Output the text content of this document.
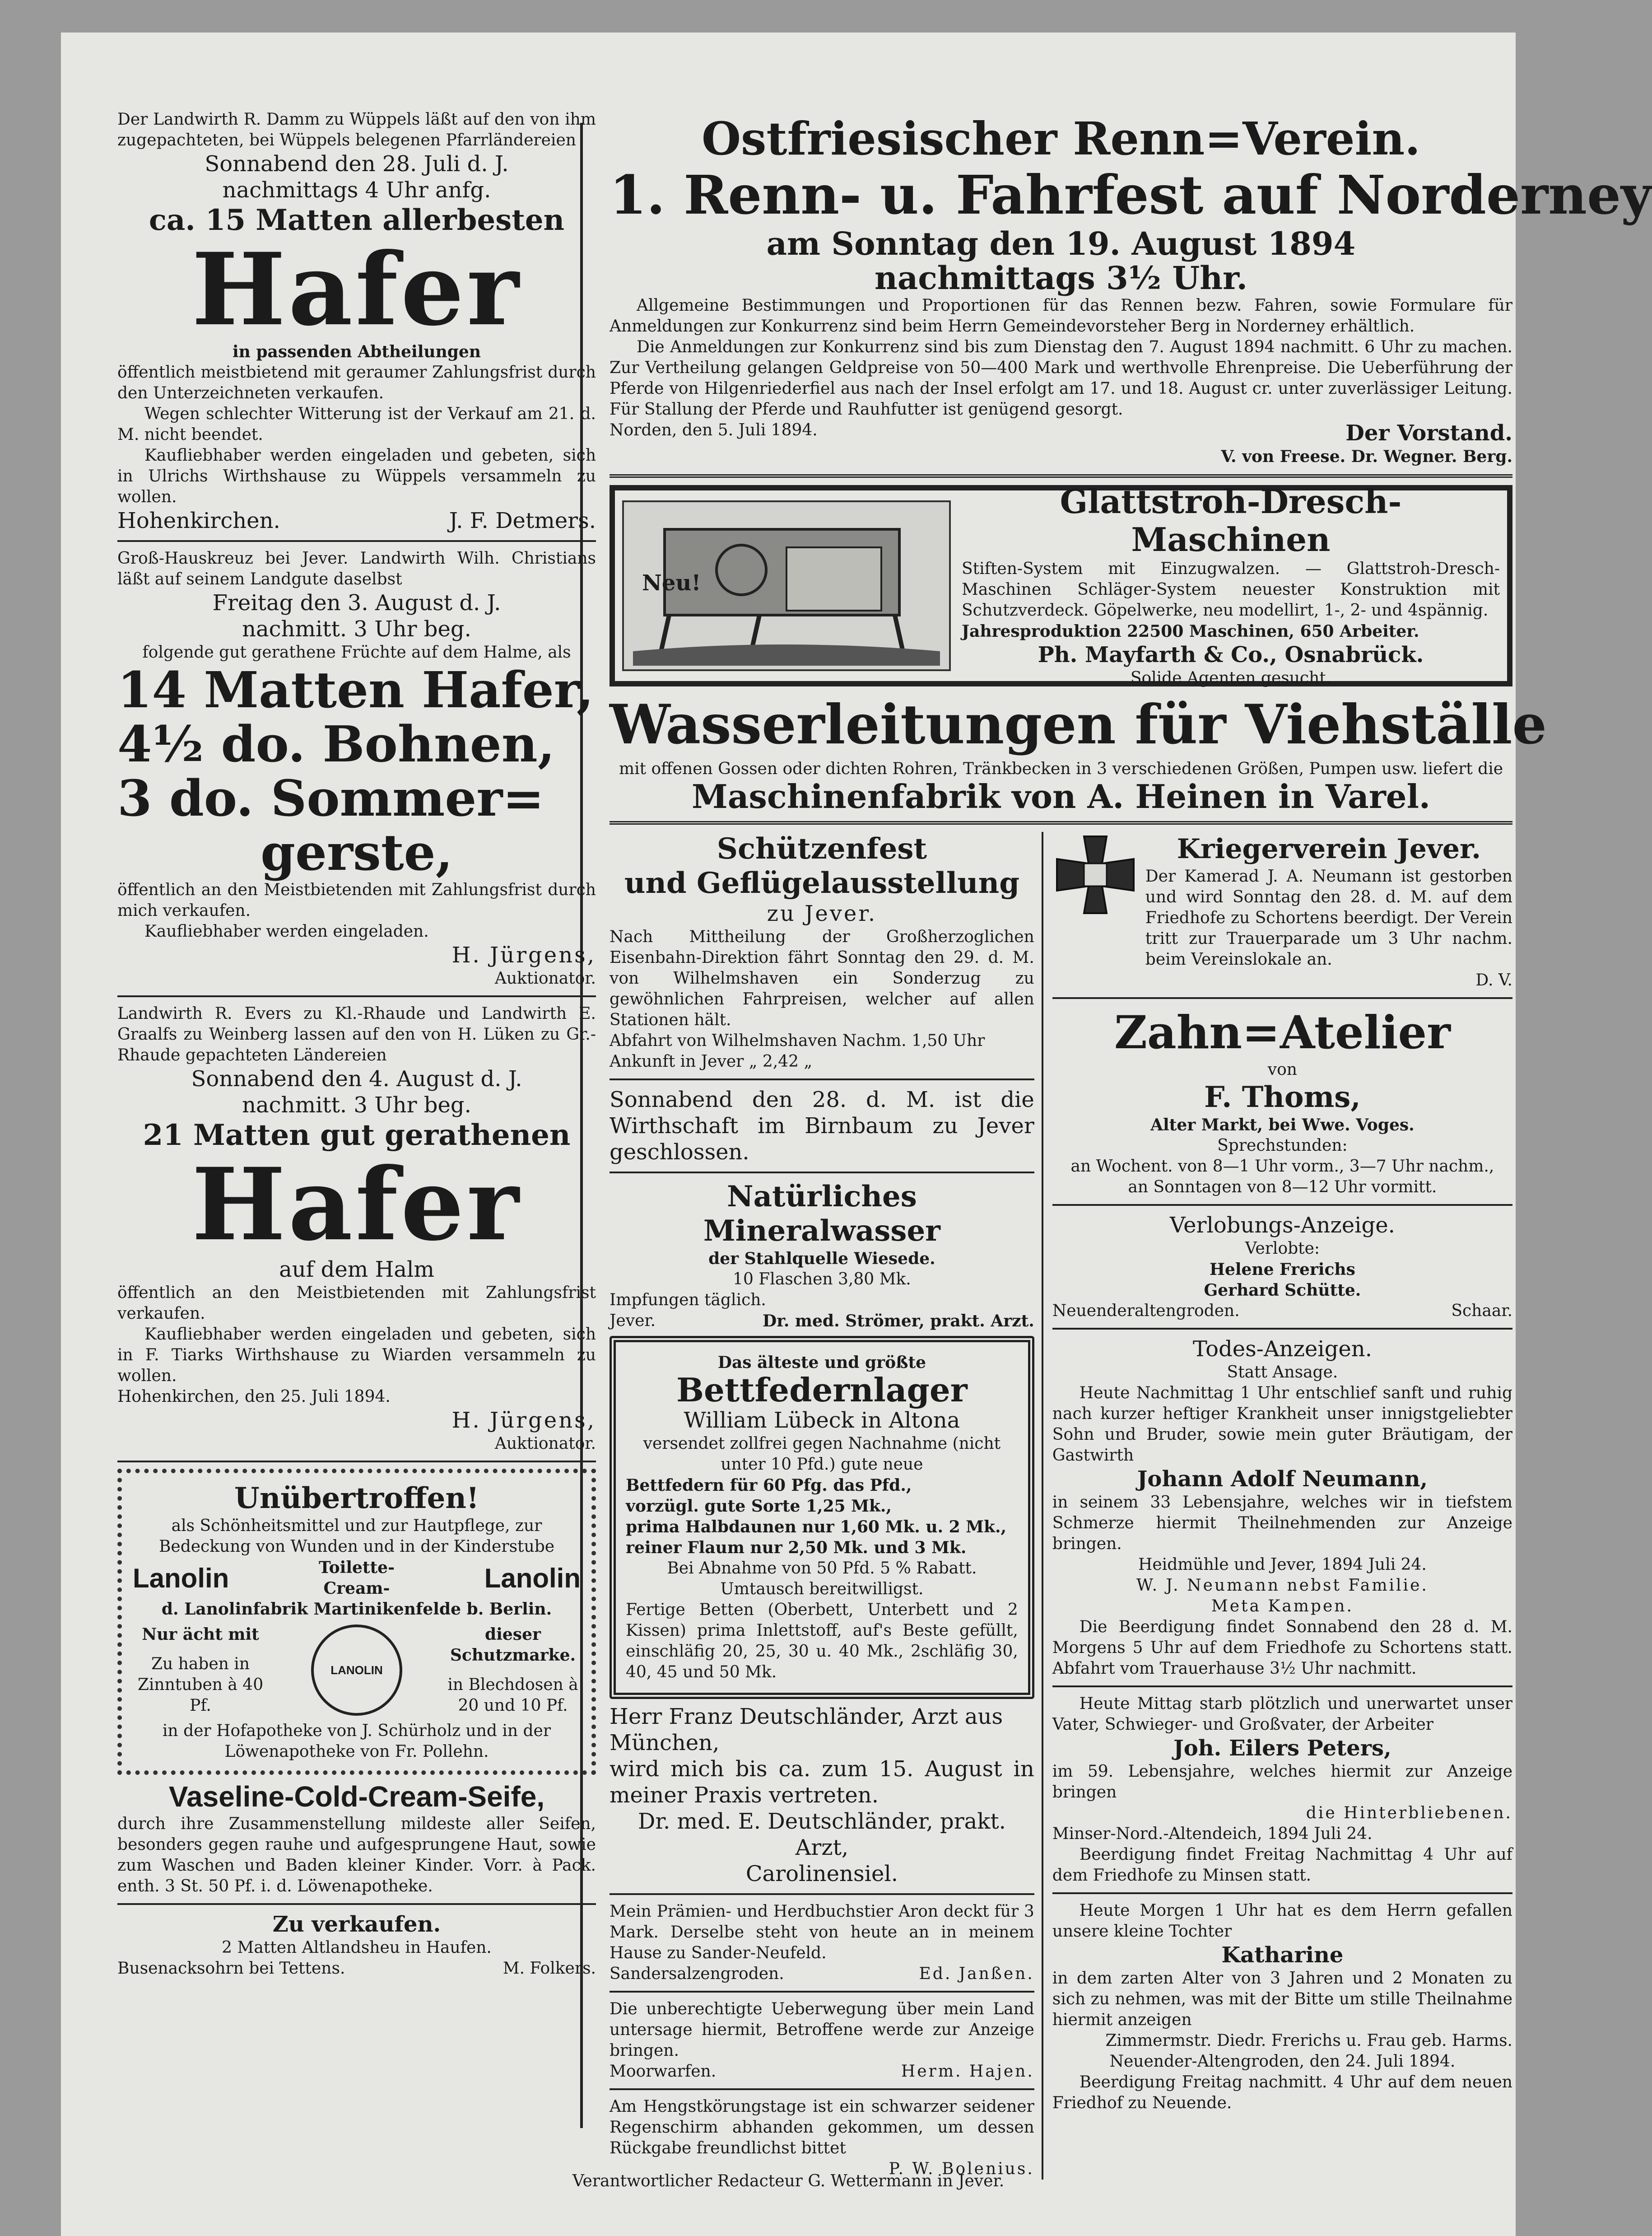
Der Landwirth R. Damm zu Wüppels läßt auf den von ihm zugepachteten, bei Wüppels belegenen Pfarrländereien

Sonnabend den 28. Juli d. J.

nachmittags 4 Uhr anfg.

ca. 15 Matten allerbesten

Hafer

in passenden Abtheilungen

öffentlich meistbietend mit geraumer Zahlungsfrist durch den Unterzeichneten verkaufen.

Wegen schlechter Witterung ist der Verkauf am 21. d. M. nicht beendet.

Kaufliebhaber werden eingeladen und gebeten, sich in Ulrichs Wirthshause zu Wüppels versammeln zu wollen.

Hohenkirchen.	J. F. Detmers.

Groß-Hauskreuz bei Jever. Landwirth Wilh. Christians läßt auf seinem Landgute daselbst

Freitag den 3. August d. J.

nachmitt. 3 Uhr beg.

folgende gut gerathene Früchte auf dem Halme, als

14 Matten Hafer,

4½ do. Bohnen,

3 do. Sommer=

gerste,

öffentlich an den Meistbietenden mit Zahlungsfrist durch mich verkaufen.

Kaufliebhaber werden eingeladen.

H. Jürgens,

Auktionator.

Landwirth R. Evers zu Kl.-Rhaude und Landwirth E. Graalfs zu Weinberg lassen auf den von H. Lüken zu Gr.-Rhaude gepachteten Ländereien

Sonnabend den 4. August d. J.

nachmitt. 3 Uhr beg.

21 Matten gut gerathenen

Hafer

auf dem Halm

öffentlich an den Meistbietenden mit Zahlungsfrist verkaufen.

Kaufliebhaber werden eingeladen und gebeten, sich in F. Tiarks Wirthshause zu Wiarden versammeln zu wollen.

Hohenkirchen, den 25. Juli 1894.

H. Jürgens,

Auktionator.

Unübertroffen!

als Schönheitsmittel und zur Hautpflege, zur Bedeckung von Wunden und in der Kinderstube

Lanolin	Toilette-Cream-	Lanolin

d. Lanolinfabrik Martinikenfelde b. Berlin.

Nur ächt mit

Zu haben in Zinntuben à 40 Pf.

LANOLIN

dieser Schutzmarke.

in Blechdosen à 20 und 10 Pf.

in der Hofapotheke von J. Schürholz und in der Löwenapotheke von Fr. Pollehn.

Vaseline-Cold-Cream-Seife,

durch ihre Zusammenstellung mildeste aller Seifen, besonders gegen rauhe und aufgesprungene Haut, sowie zum Waschen und Baden kleiner Kinder. Vorr. à Pack. enth. 3 St. 50 Pf. i. d. Löwenapotheke.

Zu verkaufen.

2 Matten Altlandsheu in Haufen.

Busenacksohrn bei Tettens.	M. Folkers.

Ostfriesischer Renn=Verein.

1. Renn- u. Fahrfest auf Norderney

am Sonntag den 19. August 1894

nachmittags 3½ Uhr.

Allgemeine Bestimmungen und Proportionen für das Rennen bezw. Fahren, sowie Formulare für Anmeldungen zur Konkurrenz sind beim Herrn Gemeindevorsteher Berg in Norderney erhältlich.

Die Anmeldungen zur Konkurrenz sind bis zum Dienstag den 7. August 1894 nachmitt. 6 Uhr zu machen. Zur Vertheilung gelangen Geldpreise von 50—400 Mark und werthvolle Ehrenpreise. Die Ueberführung der Pferde von Hilgenriederfiel aus nach der Insel erfolgt am 17. und 18. August cr. unter zuverlässiger Leitung. Für Stallung der Pferde und Rauhfutter ist genügend gesorgt.

Norden, den 5. Juli 1894.	Der Vorstand.

V. von Freese. Dr. Wegner. Berg.

Neu!

Glattstroh-Dresch-Maschinen

Stiften-System mit Einzugwalzen. — Glattstroh-Dresch-Maschinen Schläger-System neuester Konstruktion mit Schutzverdeck. Göpelwerke, neu modellirt, 1-, 2- und 4spännig.

Jahresproduktion 22500 Maschinen, 650 Arbeiter.

Ph. Mayfarth & Co., Osnabrück.

Solide Agenten gesucht.

Wasserleitungen für Viehställe

mit offenen Gossen oder dichten Rohren, Tränkbecken in 3 verschiedenen Größen, Pumpen usw. liefert die

Maschinenfabrik von A. Heinen in Varel.

Schützenfest

und Geflügelausstellung

zu Jever.

Nach Mittheilung der Großherzoglichen Eisenbahn-Direktion fährt Sonntag den 29. d. M. von Wilhelmshaven ein Sonderzug zu gewöhnlichen Fahrpreisen, welcher auf allen Stationen hält.

Abfahrt von Wilhelmshaven Nachm. 1,50 Uhr

Ankunft in Jever „ 2,42 „

Sonnabend den 28. d. M. ist die Wirthschaft im Birnbaum zu Jever geschlossen.

Natürliches Mineralwasser

der Stahlquelle Wiesede.

10 Flaschen 3,80 Mk.

Impfungen täglich.

Jever.	Dr. med. Strömer, prakt. Arzt.

Das älteste und größte

Bettfedernlager

William Lübeck in Altona

versendet zollfrei gegen Nachnahme (nicht unter 10 Pfd.) gute neue

Bettfedern für 60 Pfg. das Pfd.,

vorzügl. gute Sorte 1,25 Mk.,

prima Halbdaunen nur 1,60 Mk. u. 2 Mk.,

reiner Flaum nur 2,50 Mk. und 3 Mk.

Bei Abnahme von 50 Pfd. 5 % Rabatt.

Umtausch bereitwilligst.

Fertige Betten (Oberbett, Unterbett und 2 Kissen) prima Inlettstoff, auf's Beste gefüllt, einschläfig 20, 25, 30 u. 40 Mk., 2schläfig 30, 40, 45 und 50 Mk.

Herr Franz Deutschländer, Arzt aus München,

wird mich bis ca. zum 15. August in meiner Praxis vertreten.

Dr. med. E. Deutschländer, prakt. Arzt,

Carolinensiel.

Mein Prämien- und Herdbuchstier Aron deckt für 3 Mark. Derselbe steht von heute an in meinem Hause zu Sander-Neufeld.

Sandersalzengroden.	Ed. Janßen.

Die unberechtigte Ueberwegung über mein Land untersage hiermit, Betroffene werde zur Anzeige bringen.

Moorwarfen.	Herm. Hajen.

Am Hengstkörungstage ist ein schwarzer seidener Regenschirm abhanden gekommen, um dessen Rückgabe freundlichst bittet

P. W. Bolenius.

Kriegerverein Jever.

Der Kamerad J. A. Neumann ist gestorben und wird Sonntag den 28. d. M. auf dem Friedhofe zu Schortens beerdigt. Der Verein tritt zur Trauerparade um 3 Uhr nachm. beim Vereinslokale an.

D. V.

Zahn=Atelier

von

F. Thoms,

Alter Markt, bei Wwe. Voges.

Sprechstunden:

an Wochent. von 8—1 Uhr vorm., 3—7 Uhr nachm.,

an Sonntagen von 8—12 Uhr vormitt.

Verlobungs-Anzeige.

Verlobte:

Helene Frerichs

Gerhard Schütte.

Neuenderaltengroden.	Schaar.

Todes-Anzeigen.

Statt Ansage.

Heute Nachmittag 1 Uhr entschlief sanft und ruhig nach kurzer heftiger Krankheit unser innigstgeliebter Sohn und Bruder, sowie mein guter Bräutigam, der Gastwirth

Johann Adolf Neumann,

in seinem 33 Lebensjahre, welches wir in tiefstem Schmerze hiermit Theilnehmenden zur Anzeige bringen.

Heidmühle und Jever, 1894 Juli 24.

W. J. Neumann nebst Familie.

Meta Kampen.

Die Beerdigung findet Sonnabend den 28 d. M. Morgens 5 Uhr auf dem Friedhofe zu Schortens statt. Abfahrt vom Trauerhause 3½ Uhr nachmitt.

Heute Mittag starb plötzlich und unerwartet unser Vater, Schwieger- und Großvater, der Arbeiter

Joh. Eilers Peters,

im 59. Lebensjahre, welches hiermit zur Anzeige bringen

die Hinterbliebenen.

Minser-Nord.-Altendeich, 1894 Juli 24.

Beerdigung findet Freitag Nachmittag 4 Uhr auf dem Friedhofe zu Minsen statt.

Heute Morgen 1 Uhr hat es dem Herrn gefallen unsere kleine Tochter

Katharine

in dem zarten Alter von 3 Jahren und 2 Monaten zu sich zu nehmen, was mit der Bitte um stille Theilnahme hiermit anzeigen

Zimmermstr. Diedr. Frerichs u. Frau geb. Harms.

Neuender-Altengroden, den 24. Juli 1894.

Beerdigung Freitag nachmitt. 4 Uhr auf dem neuen Friedhof zu Neuende.

Verantwortlicher Redacteur G. Wettermann in Jever.
